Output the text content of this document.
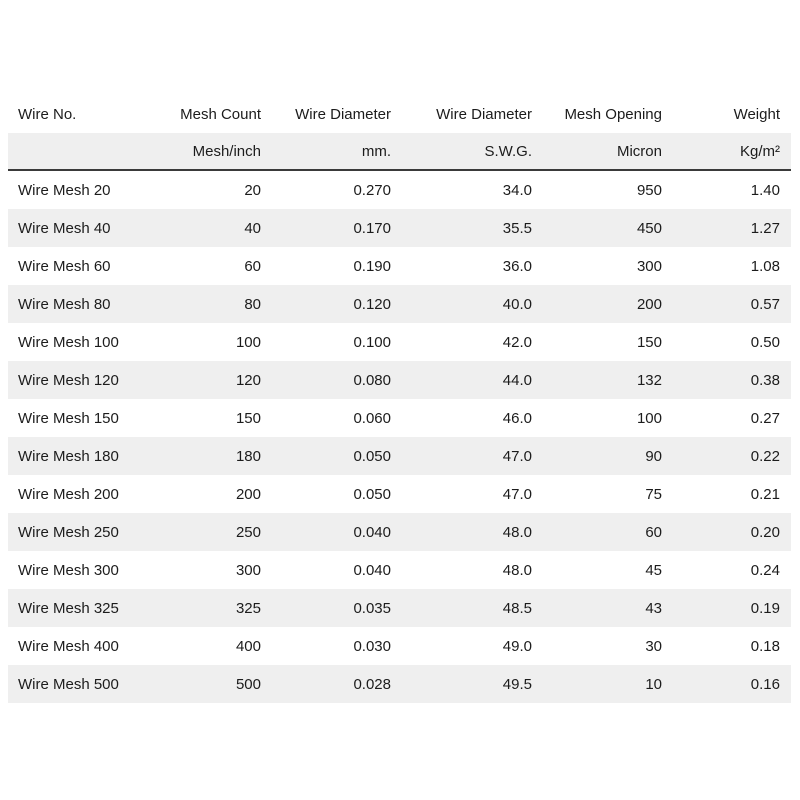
Wire No.	Mesh Count	Wire Diameter	Wire Diameter	Mesh Opening	Weight
	Mesh/inch	mm.	S.W.G.	Micron	Kg/m²
Wire Mesh 20	20	0.270	34.0	950	1.40
Wire Mesh 40	40	0.170	35.5	450	1.27
Wire Mesh 60	60	0.190	36.0	300	1.08
Wire Mesh 80	80	0.120	40.0	200	0.57
Wire Mesh 100	100	0.100	42.0	150	0.50
Wire Mesh 120	120	0.080	44.0	132	0.38
Wire Mesh 150	150	0.060	46.0	100	0.27
Wire Mesh 180	180	0.050	47.0	90	0.22
Wire Mesh 200	200	0.050	47.0	75	0.21
Wire Mesh 250	250	0.040	48.0	60	0.20
Wire Mesh 300	300	0.040	48.0	45	0.24
Wire Mesh 325	325	0.035	48.5	43	0.19
Wire Mesh 400	400	0.030	49.0	30	0.18
Wire Mesh 500	500	0.028	49.5	10	0.16
